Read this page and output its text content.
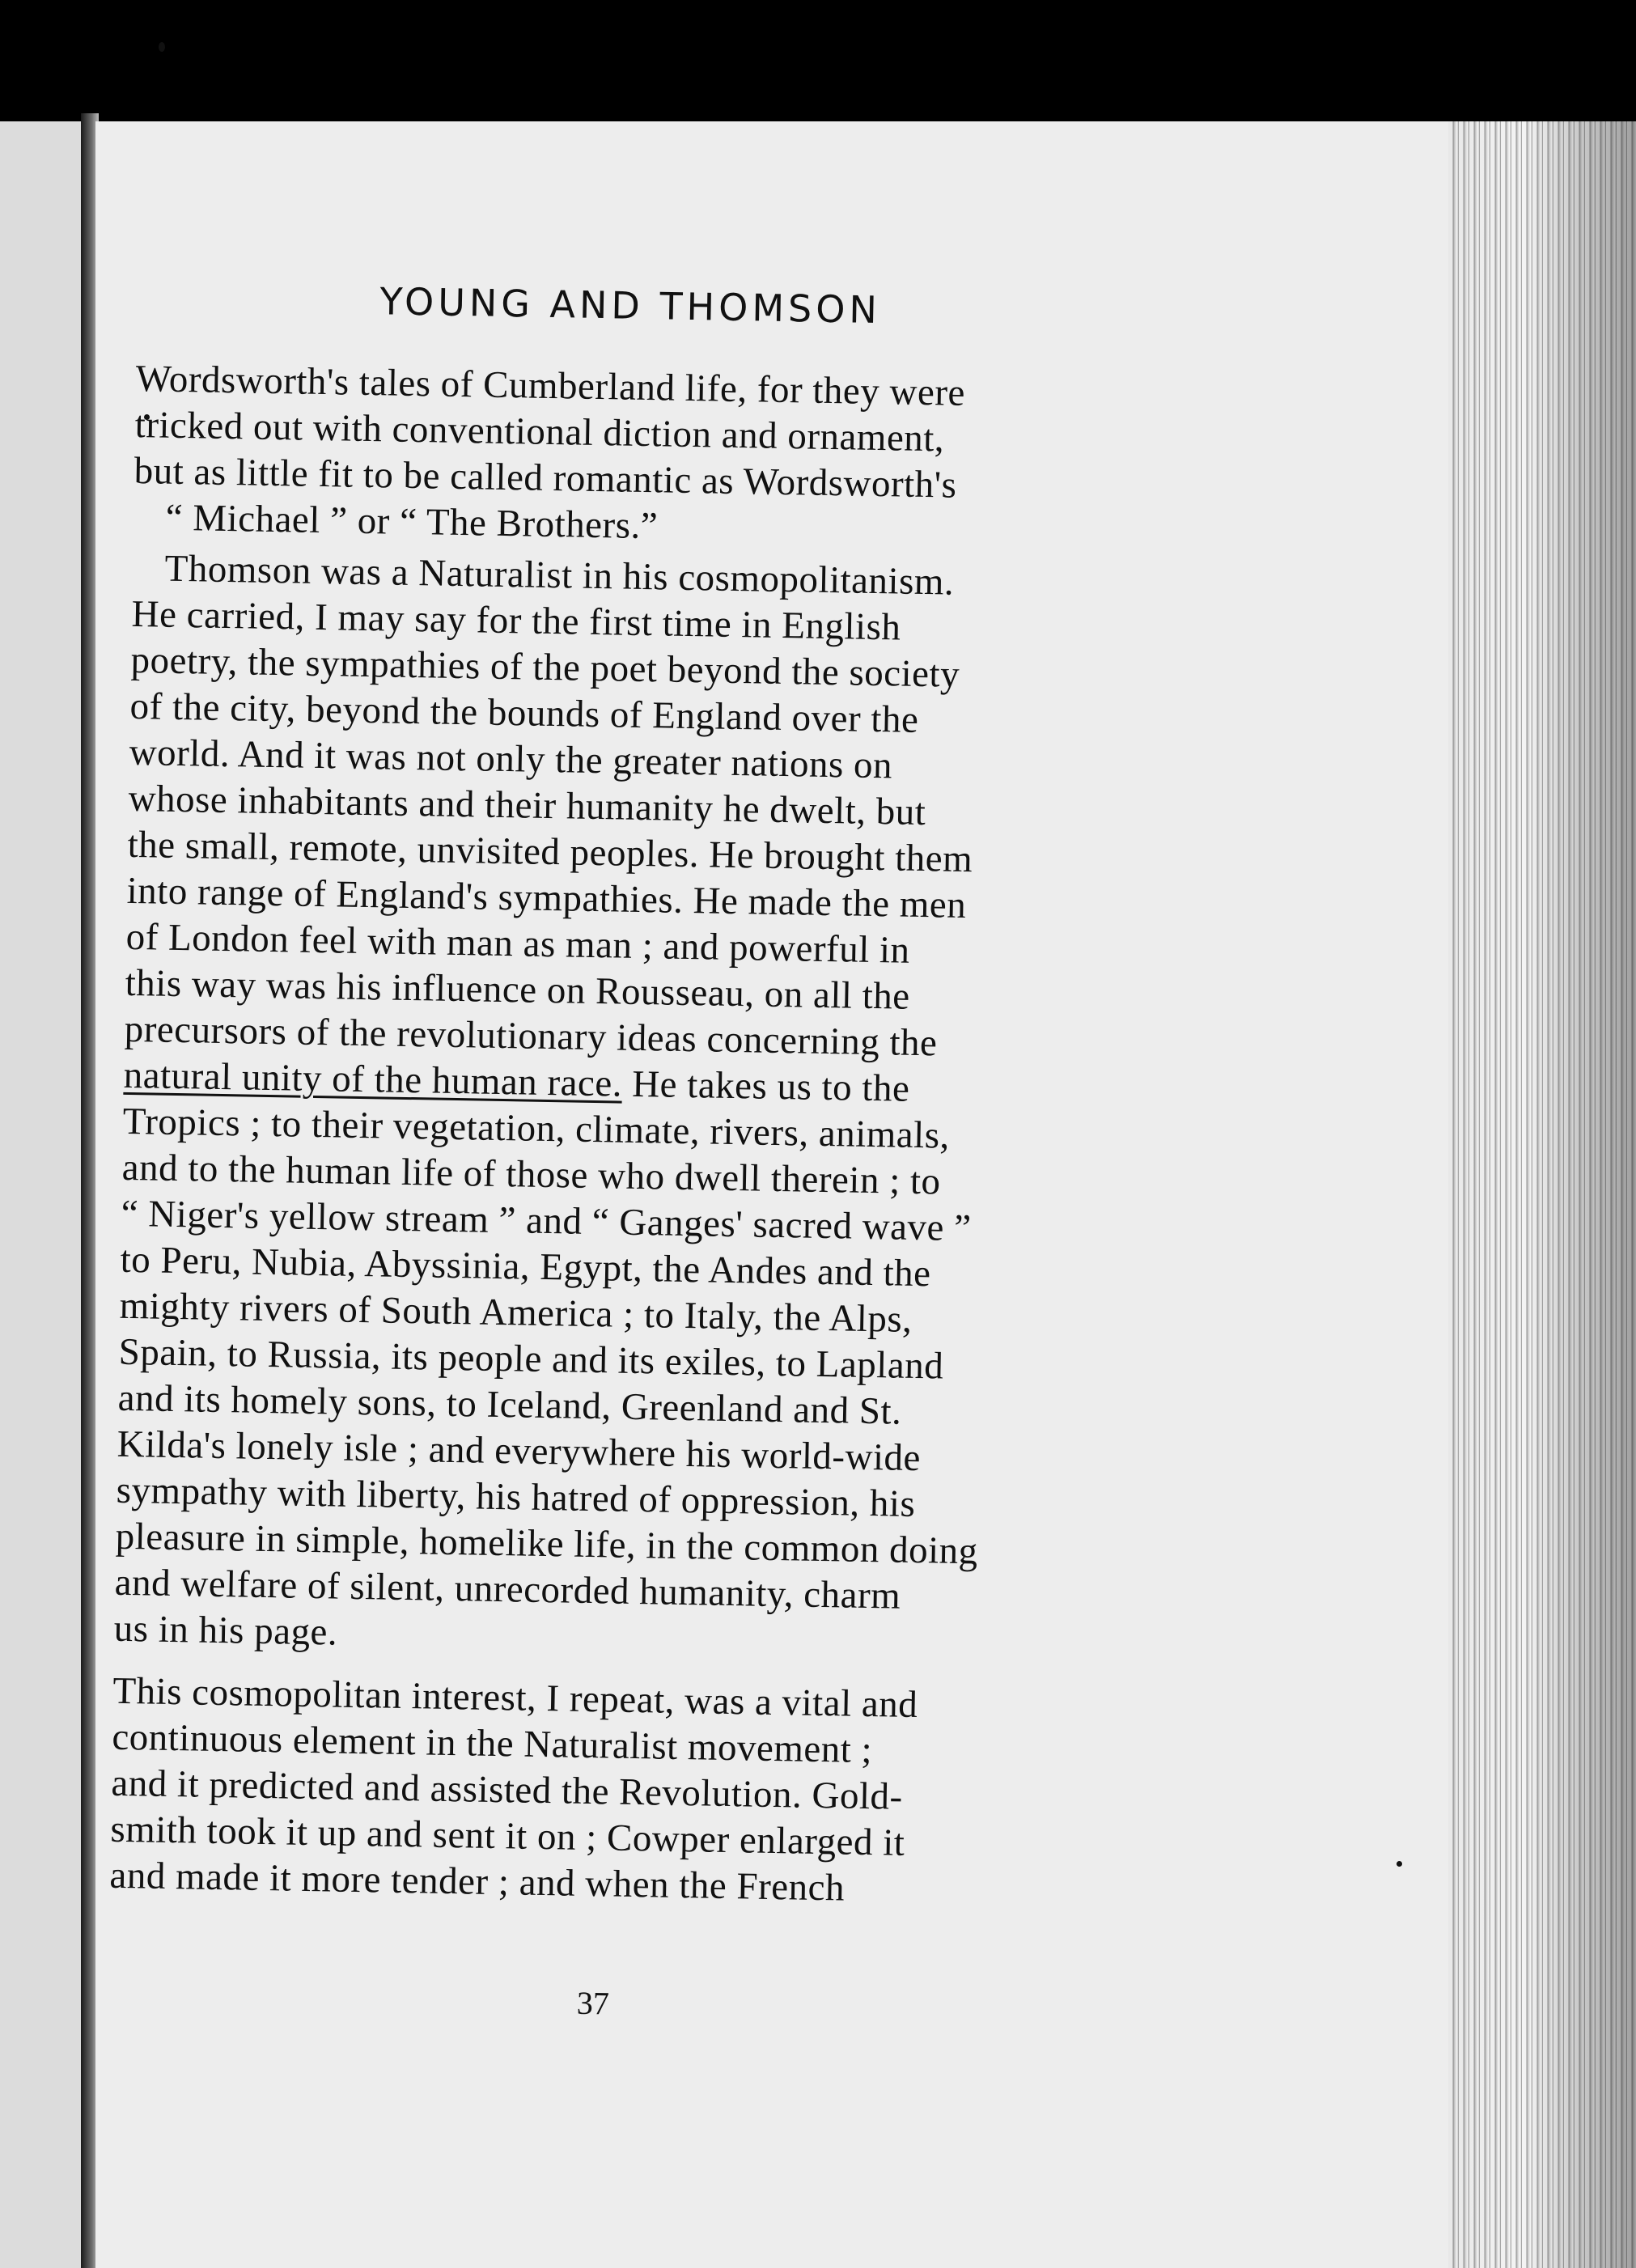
YOUNG AND THOMSON
Wordsworth's tales of Cumberland life, for they were
tricked out with conventional diction and ornament,
but as little fit to be called romantic as Wordsworth's
“ Michael ” or “ The Brothers.”
Thomson was a Naturalist in his cosmopolitanism.
He carried, I may say for the first time in English
poetry, the sympathies of the poet beyond the society
of the city, beyond the bounds of England over the
world. And it was not only the greater nations on
whose inhabitants and their humanity he dwelt, but
the small, remote, unvisited peoples. He brought them
into range of England's sympathies. He made the men
of London feel with man as man ; and powerful in
this way was his influence on Rousseau, on all the
precursors of the revolutionary ideas concerning the
natural unity of the human race. He takes us to the
Tropics ; to their vegetation, climate, rivers, animals,
and to the human life of those who dwell therein ; to
“ Niger's yellow stream ” and “ Ganges' sacred wave ”
to Peru, Nubia, Abyssinia, Egypt, the Andes and the
mighty rivers of South America ; to Italy, the Alps,
Spain, to Russia, its people and its exiles, to Lapland
and its homely sons, to Iceland, Greenland and St.
Kilda's lonely isle ; and everywhere his world-wide
sympathy with liberty, his hatred of oppression, his
pleasure in simple, homelike life, in the common doing
and welfare of silent, unrecorded humanity, charm
us in his page.
This cosmopolitan interest, I repeat, was a vital and
continuous element in the Naturalist movement ;
and it predicted and assisted the Revolution. Gold-
smith took it up and sent it on ; Cowper enlarged it
and made it more tender ; and when the French
37
